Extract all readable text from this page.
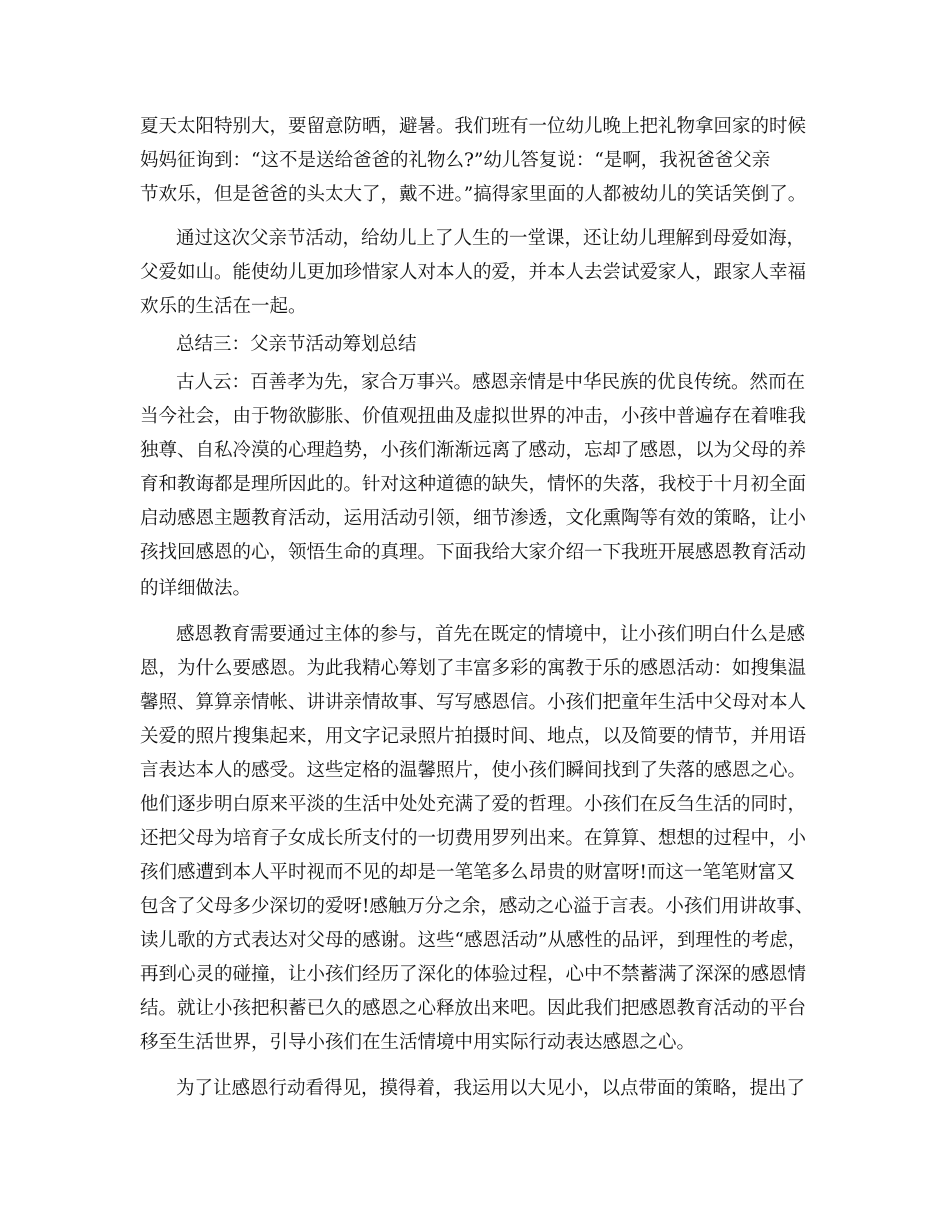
夏天太阳特别大，要留意防晒，避暑。我们班有一位幼儿晚上把礼物拿回家的时候
妈妈征询到：“这不是送给爸爸的礼物么?”幼儿答复说：“是啊，我祝爸爸父亲
节欢乐，但是爸爸的头太大了，戴不进。”搞得家里面的人都被幼儿的笑话笑倒了。
通过这次父亲节活动，给幼儿上了人生的一堂课，还让幼儿理解到母爱如海，
父爱如山。能使幼儿更加珍惜家人对本人的爱，并本人去尝试爱家人，跟家人幸福
欢乐的生活在一起。
总结三：父亲节活动筹划总结
古人云：百善孝为先，家合万事兴。感恩亲情是中华民族的优良传统。然而在
当今社会，由于物欲膨胀、价值观扭曲及虚拟世界的冲击，小孩中普遍存在着唯我
独尊、自私冷漠的心理趋势，小孩们渐渐远离了感动，忘却了感恩，以为父母的养
育和教诲都是理所因此的。针对这种道德的缺失，情怀的失落，我校于十月初全面
启动感恩主题教育活动，运用活动引领，细节渗透，文化熏陶等有效的策略，让小
孩找回感恩的心，领悟生命的真理。下面我给大家介绍一下我班开展感恩教育活动
的详细做法。
感恩教育需要通过主体的参与，首先在既定的情境中，让小孩们明白什么是感
恩，为什么要感恩。为此我精心筹划了丰富多彩的寓教于乐的感恩活动：如搜集温
馨照、算算亲情帐、讲讲亲情故事、写写感恩信。小孩们把童年生活中父母对本人
关爱的照片搜集起来，用文字记录照片拍摄时间、地点，以及简要的情节，并用语
言表达本人的感受。这些定格的温馨照片，使小孩们瞬间找到了失落的感恩之心。
他们逐步明白原来平淡的生活中处处充满了爱的哲理。小孩们在反刍生活的同时，
还把父母为培育子女成长所支付的一切费用罗列出来。在算算、想想的过程中，小
孩们感遭到本人平时视而不见的却是一笔笔多么昂贵的财富呀!而这一笔笔财富又
包含了父母多少深切的爱呀!感触万分之余，感动之心溢于言表。小孩们用讲故事、
读儿歌的方式表达对父母的感谢。这些“感恩活动”从感性的品评，到理性的考虑，
再到心灵的碰撞，让小孩们经历了深化的体验过程，心中不禁蓄满了深深的感恩情
结。就让小孩把积蓄已久的感恩之心释放出来吧。因此我们把感恩教育活动的平台
移至生活世界，引导小孩们在生活情境中用实际行动表达感恩之心。
为了让感恩行动看得见，摸得着，我运用以大见小，以点带面的策略，提出了
